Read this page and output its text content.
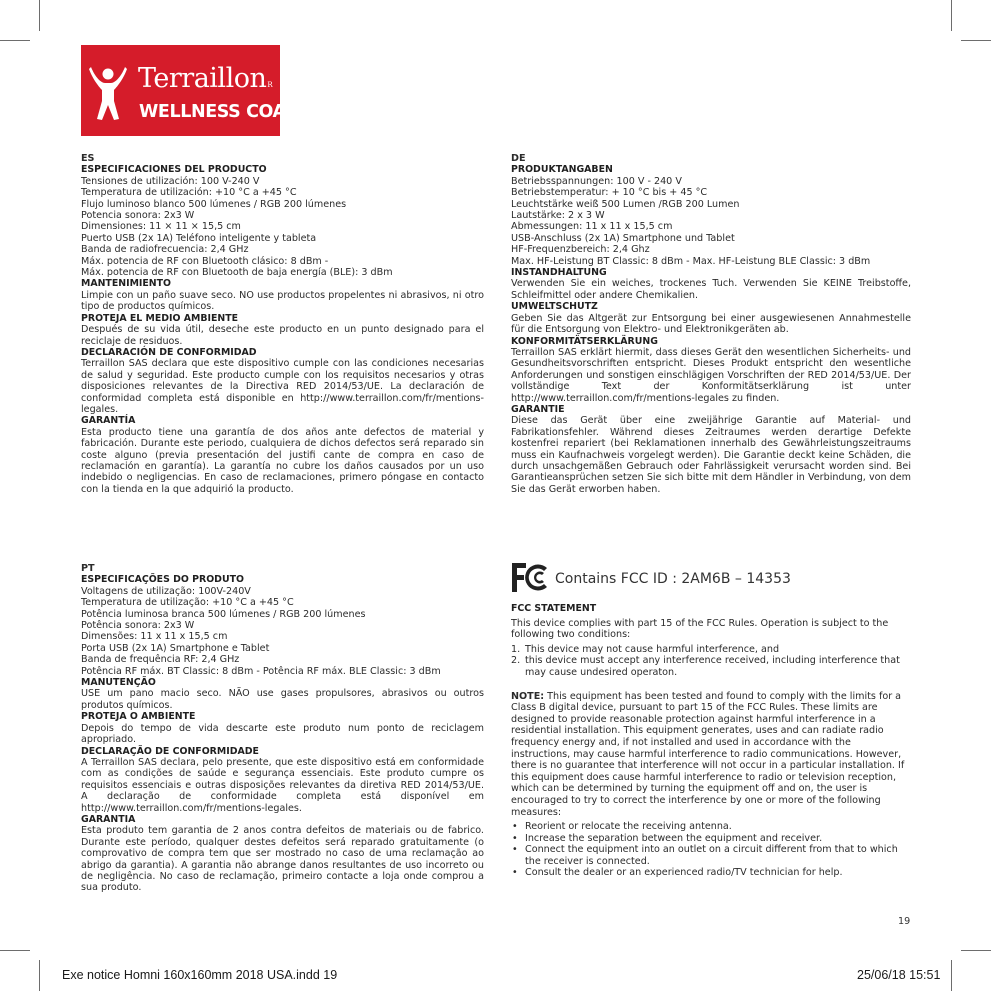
TerraillonR
WELLNESS COACH

ES

ESPECIFICACIONES DEL PRODUCTO

Tensiones de utilización: 100 V-240 V

Temperatura de utilización: +10 °C a +45 °C

Flujo luminoso blanco 500 lúmenes / RGB 200 lúmenes

Potencia sonora: 2x3 W

Dimensiones: 11 × 11 × 15,5 cm

Puerto USB (2x 1A) Teléfono inteligente y tableta

Banda de radiofrecuencia: 2,4 GHz

Máx. potencia de RF con Bluetooth clásico: 8 dBm -

Máx. potencia de RF con Bluetooth de baja energía (BLE): 3 dBm

MANTENIMIENTO

Limpie con un paño suave seco. NO use productos propelentes ni abrasivos, ni otro tipo de productos químicos.

PROTEJA EL MEDIO AMBIENTE

Después de su vida útil, deseche este producto en un punto designado para el reciclaje de residuos.

DECLARACIÓN DE CONFORMIDAD

Terraillon SAS declara que este dispositivo cumple con las condiciones necesarias de salud y seguridad. Este producto cumple con los requisitos necesarios y otras disposiciones relevantes de la Directiva RED 2014/53/UE. La declaración de conformidad completa está disponible en http://www.terraillon.com/fr/mentions-legales.

GARANTÍA

Esta producto tiene una garantía de dos años ante defectos de material y fabricación. Durante este periodo, cualquiera de dichos defectos será reparado sin coste alguno (previa presentación del justifi cante de compra en caso de reclamación en garantía). La garantía no cubre los daños causados por un uso indebido o negligencias. En caso de reclamaciones, primero póngase en contacto con la tienda en la que adquirió la producto.

DE

PRODUKTANGABEN

Betriebsspannungen: 100 V - 240 V

Betriebstemperatur: + 10 °C bis + 45 °C

Leuchtstärke weiß 500 Lumen /RGB 200 Lumen

Lautstärke: 2 x 3 W

Abmessungen: 11 x 11 x 15,5 cm

USB-Anschluss (2x 1A) Smartphone und Tablet

HF-Frequenzbereich: 2,4 Ghz

Max. HF-Leistung BT Classic: 8 dBm - Max. HF-Leistung BLE Classic: 3 dBm

INSTANDHALTUNG

Verwenden Sie ein weiches, trockenes Tuch. Verwenden Sie KEINE Treibstoffe, Schleifmittel oder andere Chemikalien.

UMWELTSCHUTZ

Geben Sie das Altgerät zur Entsorgung bei einer ausgewiesenen Annahmestelle für die Entsorgung von Elektro- und Elektronikgeräten ab.

KONFORMITÄTSERKLÄRUNG

Terraillon SAS erklärt hiermit, dass dieses Gerät den wesentlichen Sicherheits- und Gesundheitsvorschriften entspricht. Dieses Produkt entspricht den wesentliche Anforderungen und sonstigen einschlägigen Vorschriften der RED 2014/53/UE. Der vollständige Text der Konformitätserklärung ist unter http://www.terraillon.com/fr/mentions-legales zu finden.

GARANTIE

Diese das Gerät über eine zweijährige Garantie auf Material- und Fabrikationsfehler. Während dieses Zeitraumes werden derartige Defekte kostenfrei repariert (bei Reklamationen innerhalb des Gewährleistungszeitraums muss ein Kaufnachweis vorgelegt werden). Die Garantie deckt keine Schäden, die durch unsachgemäßen Gebrauch oder Fahrlässigkeit verursacht worden sind. Bei Garantieansprüchen setzen Sie sich bitte mit dem Händler in Verbindung, von dem Sie das Gerät erworben haben.

PT

ESPECIFICAÇÕES DO PRODUTO

Voltagens de utilização: 100V-240V

Temperatura de utilização: +10 °C a +45 °C

Potência luminosa branca 500 lúmenes / RGB 200 lúmenes

Potência sonora: 2x3 W

Dimensões: 11 x 11 x 15,5 cm

Porta USB (2x 1A) Smartphone e Tablet

Banda de frequência RF: 2,4 GHz

Potência RF máx. BT Classic: 8 dBm - Potência RF máx. BLE Classic: 3 dBm

MANUTENÇÃO

USE um pano macio seco. NÃO use gases propulsores, abrasivos ou outros produtos químicos.

PROTEJA O AMBIENTE

Depois do tempo de vida descarte este produto num ponto de reciclagem apropriado.

DECLARAÇÃO DE CONFORMIDADE

A Terraillon SAS declara, pelo presente, que este dispositivo está em conformidade com as condições de saúde e segurança essenciais. Este produto cumpre os requisitos essenciais e outras disposições relevantes da diretiva RED 2014/53/UE. A declaração de conformidade completa está disponível em http://www.terraillon.com/fr/mentions-legales.

GARANTIA

Esta produto tem garantia de 2 anos contra defeitos de materiais ou de fabrico. Durante este período, qualquer destes defeitos será reparado gratuitamente (o comprovativo de compra tem que ser mostrado no caso de uma reclamação ao abrigo da garantia). A garantia não abrange danos resultantes de uso incorreto ou de negligência. No caso de reclamação, primeiro contacte a loja onde comprou a sua produto.

Contains FCC ID : 2AM6B – 14353

FCC STATEMENT

This device complies with part 15 of the FCC Rules. Operation is subject to the following two conditions:

1. This device may not cause harmful interference, and
2. this device must accept any interference received, including interference that may cause undesired operaton.

NOTE: This equipment has been tested and found to comply with the limits for a Class B digital device, pursuant to part 15 of the FCC Rules. These limits are designed to provide reasonable protection against harmful interference in a residential installation. This equipment generates, uses and can radiate radio frequency energy and, if not installed and used in accordance with the instructions, may cause harmful interference to radio communications. However, there is no guarantee that interference will not occur in a particular installation. If this equipment does cause harmful interference to radio or television reception, which can be determined by turning the equipment off and on, the user is encouraged to try to correct the interference by one or more of the following measures:

• Reorient or relocate the receiving antenna.
• Increase the separation between the equipment and receiver.
• Connect the equipment into an outlet on a circuit different from that to which the receiver is connected.
• Consult the dealer or an experienced radio/TV technician for help.
19
Exe notice Homni 160x160mm 2018 USA.indd 19	25/06/18 15:51
